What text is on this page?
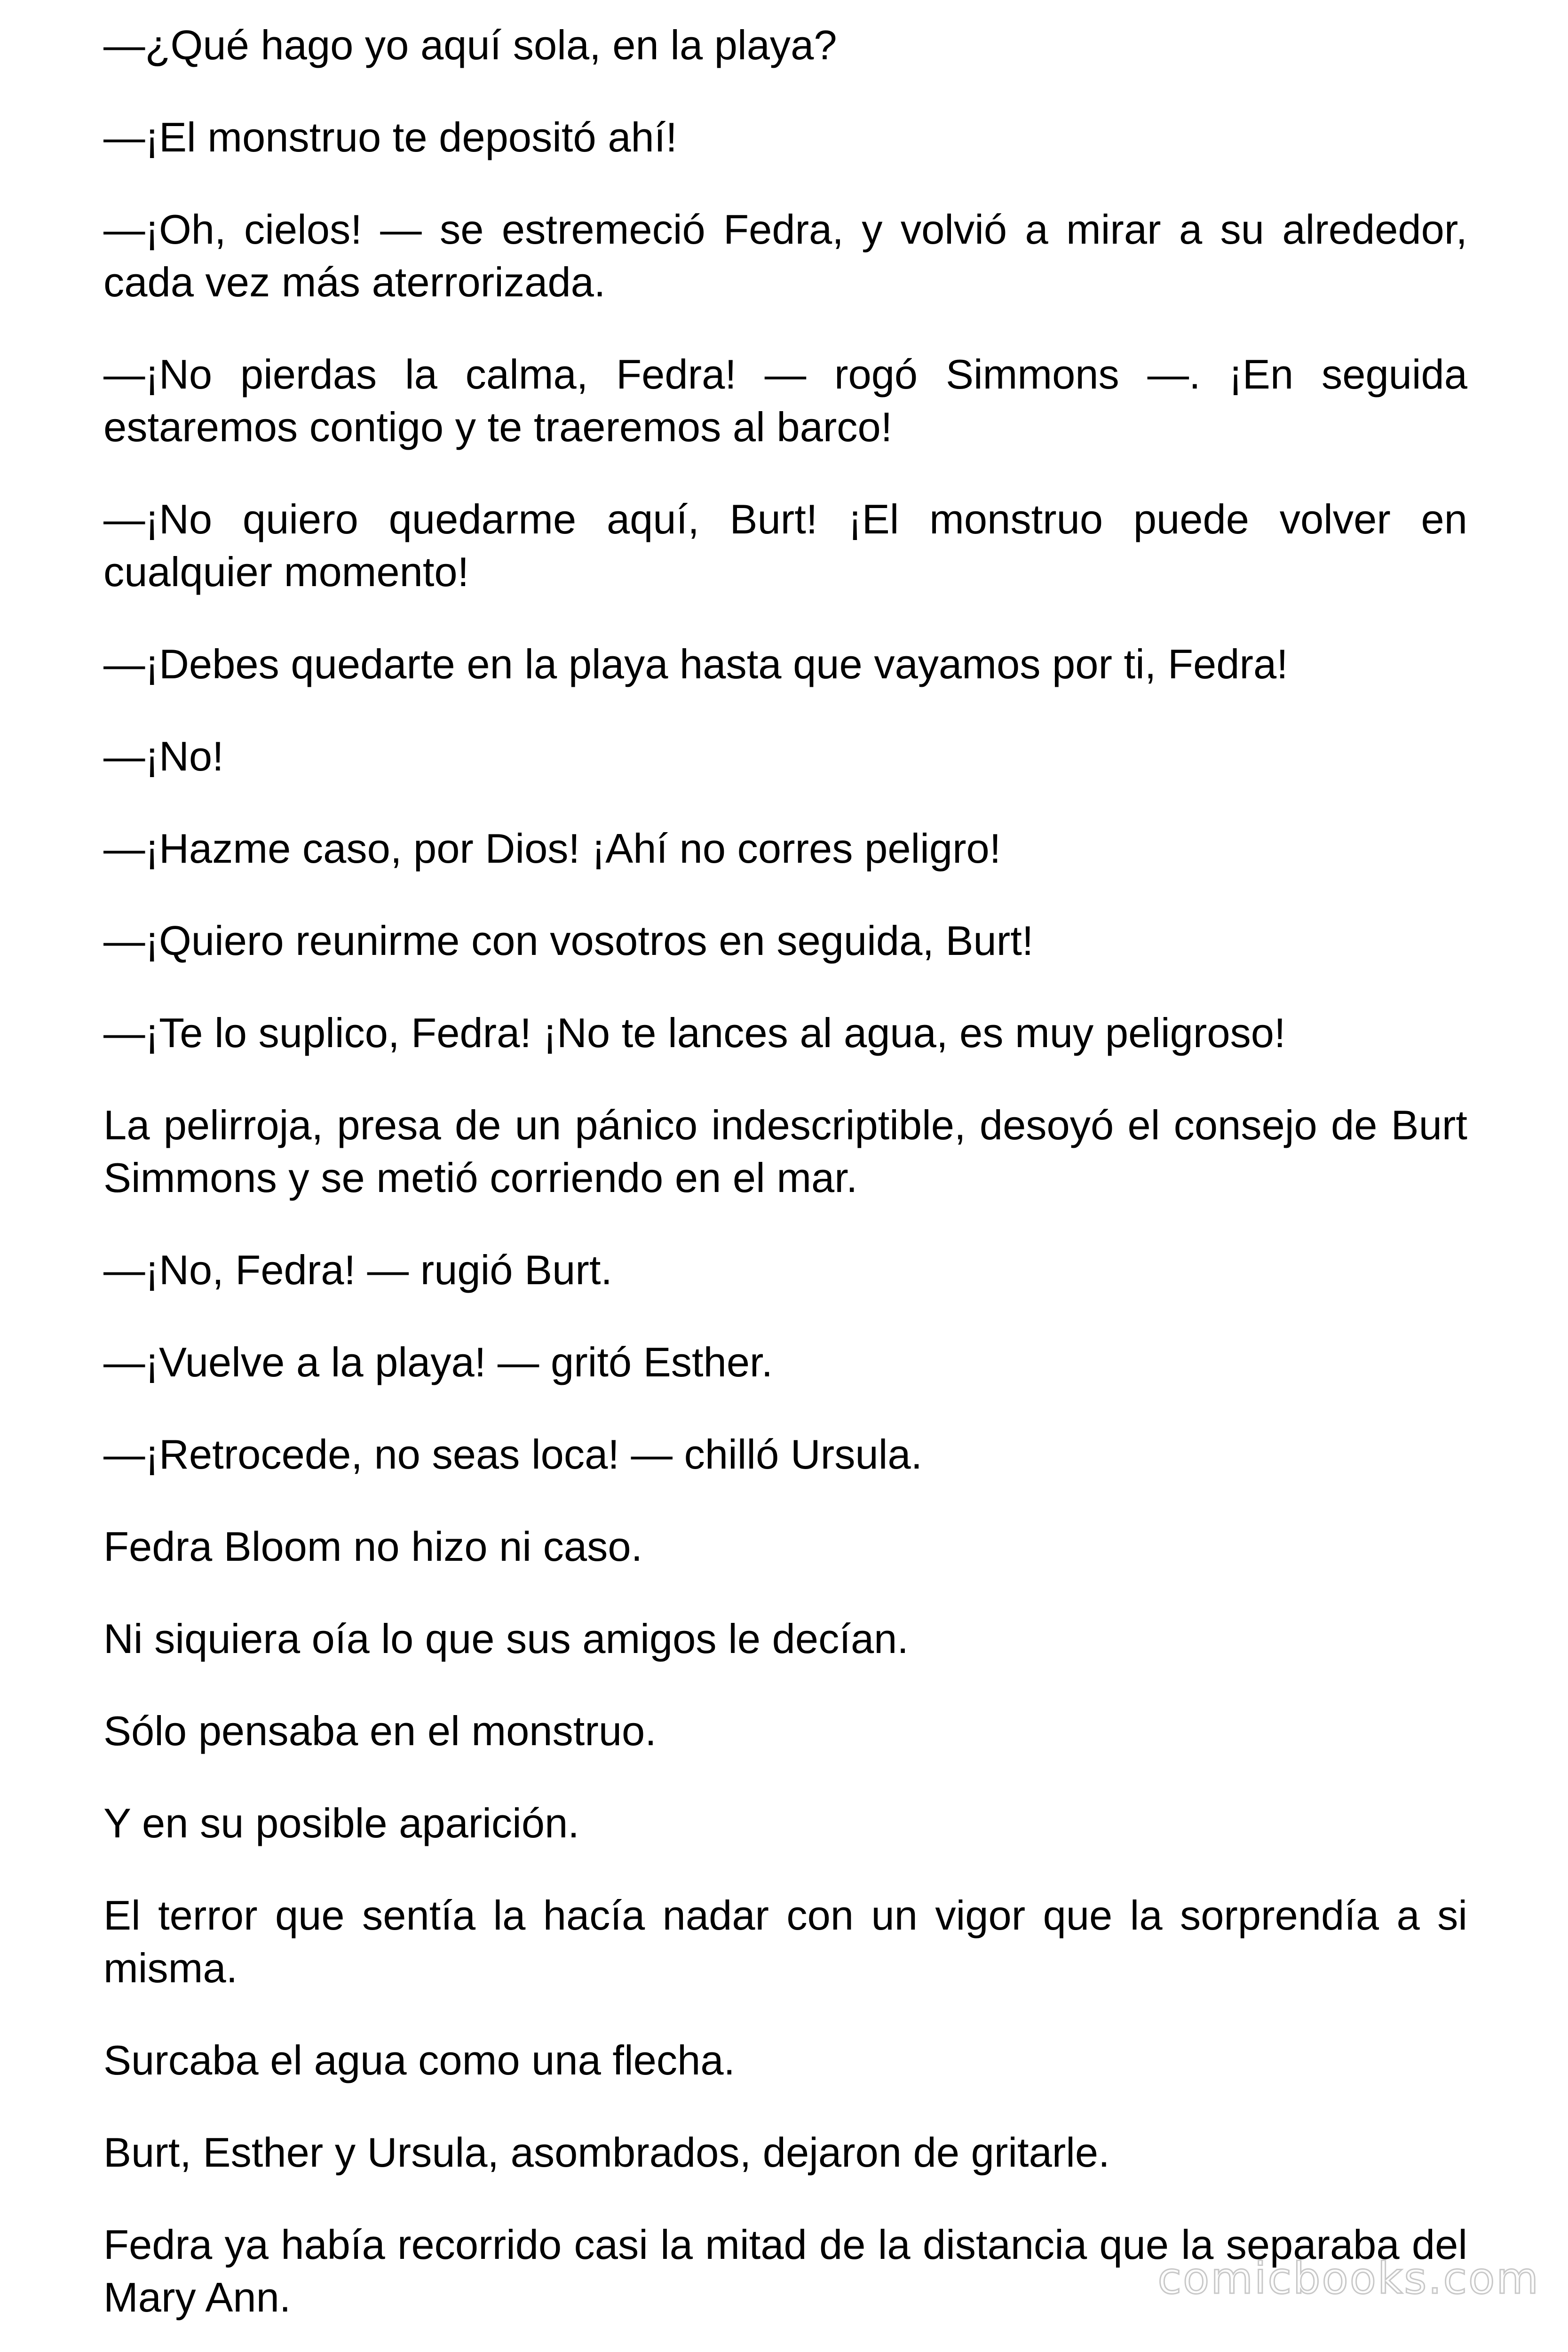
—¿Qué hago yo aquí sola, en la playa?

—¡El monstruo te depositó ahí!

—¡Oh, cielos! — se estremeció Fedra, y volvió a mirar a su alrededor, cada vez más aterrorizada.

—¡No pierdas la calma, Fedra! — rogó Simmons —. ¡En seguida estaremos contigo y te traeremos al barco!

—¡No quiero quedarme aquí, Burt! ¡El monstruo puede volver en cualquier momento!

—¡Debes quedarte en la playa hasta que vayamos por ti, Fedra!

—¡No!

—¡Hazme caso, por Dios! ¡Ahí no corres peligro!

—¡Quiero reunirme con vosotros en seguida, Burt!

—¡Te lo suplico, Fedra! ¡No te lances al agua, es muy peligroso!

La pelirroja, presa de un pánico indescriptible, desoyó el consejo de Burt Simmons y se metió corriendo en el mar.

—¡No, Fedra! — rugió Burt.

—¡Vuelve a la playa! — gritó Esther.

—¡Retrocede, no seas loca! — chilló Ursula.

Fedra Bloom no hizo ni caso.

Ni siquiera oía lo que sus amigos le decían.

Sólo pensaba en el monstruo.

Y en su posible aparición.

El terror que sentía la hacía nadar con un vigor que la sorprendía a si misma.

Surcaba el agua como una flecha.

Burt, Esther y Ursula, asombrados, dejaron de gritarle.

Fedra ya había recorrido casi la mitad de la distancia que la separaba del Mary Ann.	comicbooks.com
